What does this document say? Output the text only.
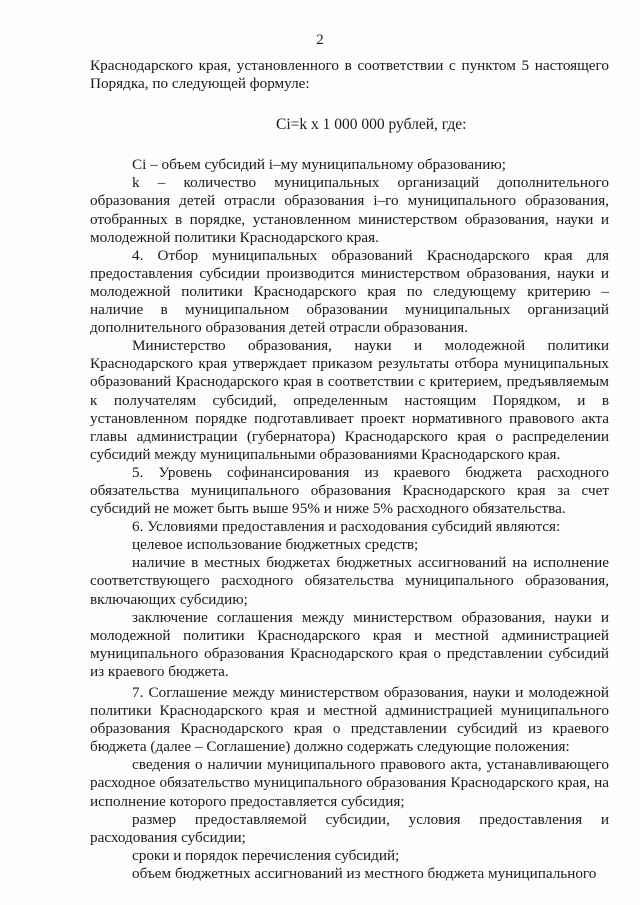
2

Краснодарского края, установленного в соответствии с пунктом 5 настоящего Порядка, по следующей формуле:

Ci=k x 1 000 000 рублей, где:

Сi – объем субсидий i–му муниципальному образованию;

k – количество муниципальных организаций дополнительного образования детей отрасли образования i–го муниципального образования, отобранных в порядке, установленном министерством образования, науки и молодежной политики Краснодарского края.

4. Отбор муниципальных образований Краснодарского края для предоставления субсидии производится министерством образования, науки и молодежной политики Краснодарского края по следующему критерию – наличие в муниципальном образовании муниципальных организаций дополнительного образования детей отрасли образования.

Министерство образования, науки и молодежной политики Краснодарского края утверждает приказом результаты отбора муниципальных образований Краснодарского края в соответствии с критерием, предъявляемым к получателям субсидий, определенным настоящим Порядком, и в установленном порядке подготавливает проект нормативного правового акта главы администрации (губернатора) Краснодарского края о распределении субсидий между муниципальными образованиями Краснодарского края.

5. Уровень софинансирования из краевого бюджета расходного обязательства муниципального образования Краснодарского края за счет субсидий не может быть выше 95% и ниже 5% расходного обязательства.

6. Условиями предоставления и расходования субсидий являются:

целевое использование бюджетных средств;

наличие в местных бюджетах бюджетных ассигнований на исполнение соответствующего расходного обязательства муниципального образования, включающих субсидию;

заключение соглашения между министерством образования, науки и молодежной политики Краснодарского края и местной администрацией муниципального образования Краснодарского края о представлении субсидий из краевого бюджета.

7. Соглашение между министерством образования, науки и молодежной политики Краснодарского края и местной администрацией муниципального образования Краснодарского края о представлении субсидий из краевого бюджета (далее – Соглашение) должно содержать следующие положения:

сведения о наличии муниципального правового акта, устанавливающего расходное обязательство муниципального образования Краснодарского края, на исполнение которого предоставляется субсидия;

размер предоставляемой субсидии, условия предоставления и расходования субсидии;

сроки и порядок перечисления субсидий;

объем бюджетных ассигнований из местного бюджета муниципального
